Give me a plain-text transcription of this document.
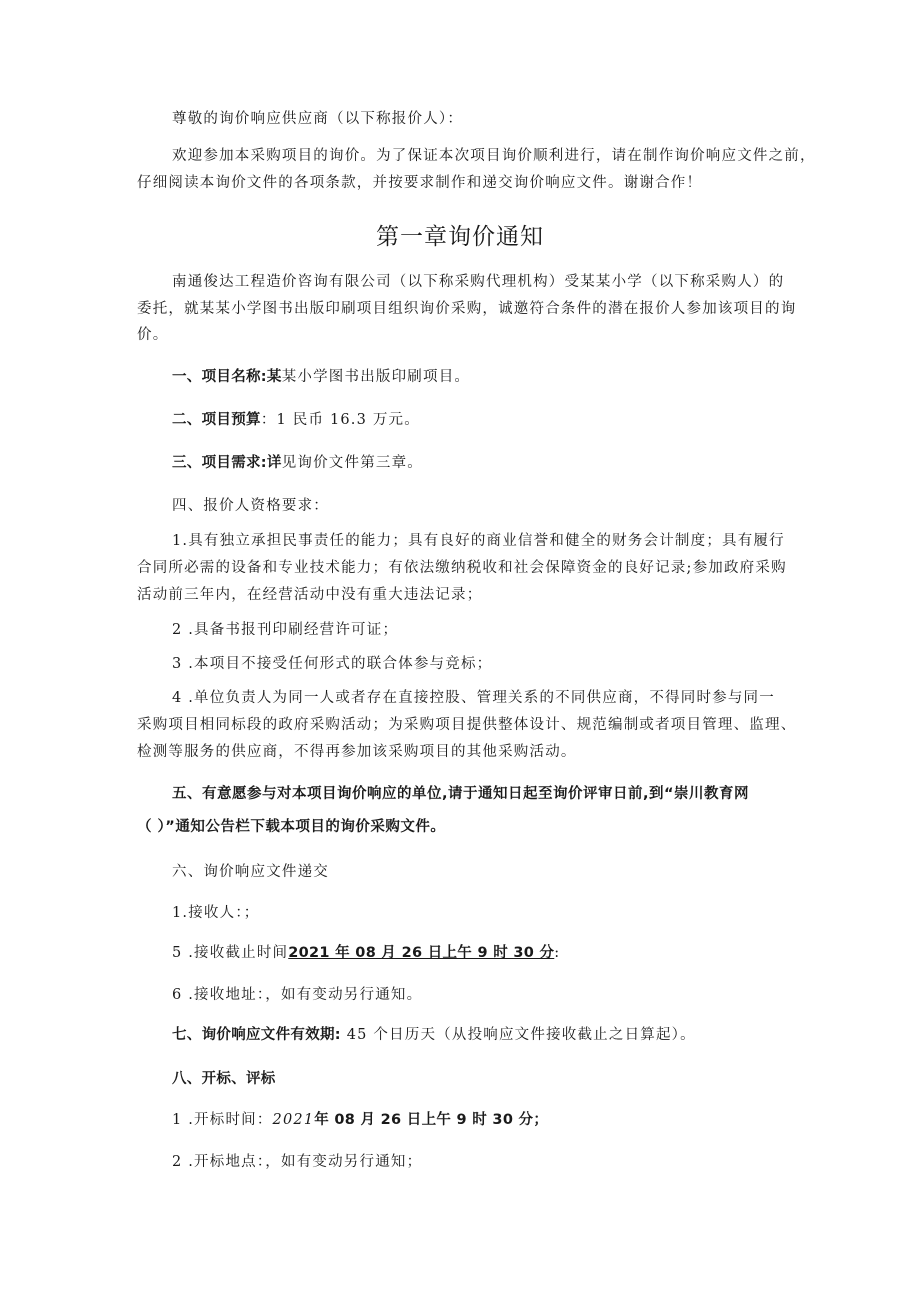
尊敬的询价响应供应商（以下称报价人）：
欢迎参加本采购项目的询价。为了保证本次项目询价顺利进行，请在制作询价响应文件之前，
仔细阅读本询价文件的各项条款，并按要求制作和递交询价响应文件。谢谢合作！
第一章询价通知
南通俊达工程造价咨询有限公司（以下称采购代理机构）受某某小学（以下称采购人）的
委托，就某某小学图书出版印刷项目组织询价采购，诚邀符合条件的潜在报价人参加该项目的询
价。
一、项目名称:某某小学图书出版印刷项目。
二、项目预算：1 民币 16.3 万元。
三、项目需求:详见询价文件第三章。
四、报价人资格要求：
1.具有独立承担民事责任的能力；具有良好的商业信誉和健全的财务会计制度；具有履行
合同所必需的设备和专业技术能力；有依法缴纳税收和社会保障资金的良好记录;参加政府采购
活动前三年内，在经营活动中没有重大违法记录；
2 .具备书报刊印刷经营许可证；
3 .本项目不接受任何形式的联合体参与竞标；
4 .单位负责人为同一人或者存在直接控股、管理关系的不同供应商，不得同时参与同一
采购项目相同标段的政府采购活动；为采购项目提供整体设计、规范编制或者项目管理、监理、
检测等服务的供应商，不得再参加该采购项目的其他采购活动。
五、有意愿参与对本项目询价响应的单位,请于通知日起至询价评审日前,到“崇川教育网
（ ）”通知公告栏下载本项目的询价采购文件。
六、询价响应文件递交
1.接收人：；
5 .接收截止时间2021 年 08 月 26 日上午 9 时 30 分:
6 .接收地址：，如有变动另行通知。
七、询价响应文件有效期: 45 个日历天（从投响应文件接收截止之日算起）。
八、开标、评标
1 .开标时间：2021年 08 月 26 日上午 9 时 30 分；
2 .开标地点：，如有变动另行通知；
